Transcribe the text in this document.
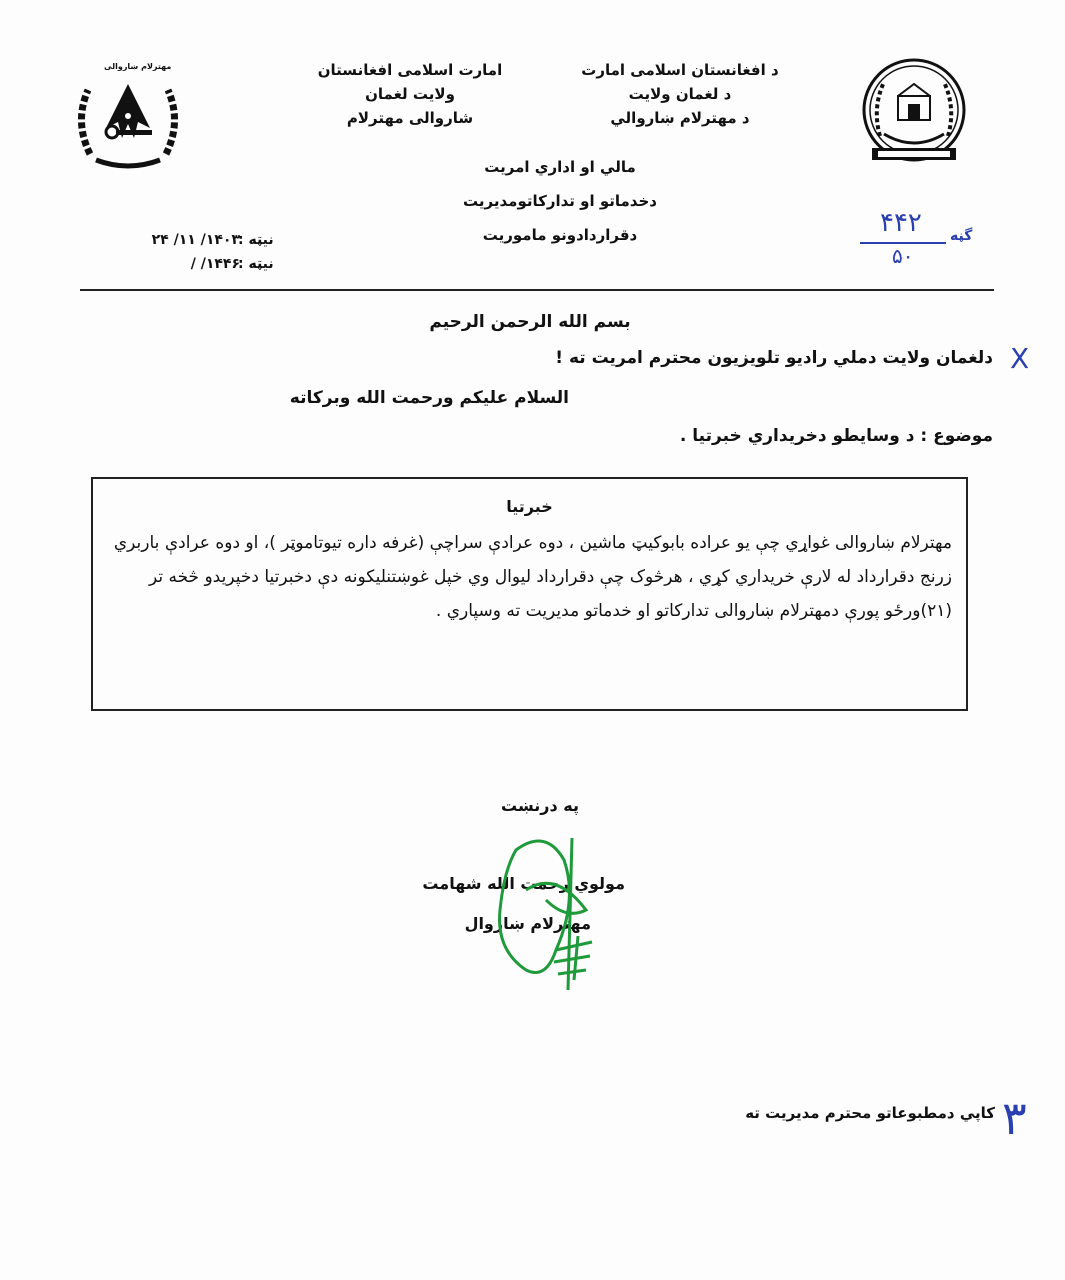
مهترلام ښاروالی	امارت اسلامی افغانستان
ولایت لغمان
شاروالی مهترلام
د افغانستان اسلامی امارت
د لغمان ولایت
د مهترلام ښاروالي
مالي او اداري امریت
دخدماتو او تدارکاتومدیریت
دقراردادونو ماموریت	۴۴۲
۵۰
گڼه
نیټه :
۱۴۰۳/ ۱۱/ ۲۴
نیټه :
۱۴۴۶/ /
بسم الله الرحمن الرحیم
دلغمان ولایت دملي رادیو تلویزیون محترم امریت ته ! X
السلام علیکم ورحمت الله وبرکاته
موضوع : د وسایطو دخریداري خبرتیا .
خبرتیا
مهترلام ښاروالی غواړي چې یو عراده بابوکیټ ماشین ، دوه عرادې سراچې (غرفه داره تیوتاموټر )، او دوه عرادې باربري
زرنج دقرارداد له لارې خریداري کړي ، هرڅوک چې دقرارداد لیوال وي خپل غوښتنلیکونه دې دخبرتیا دخپریدو څخه تر
(۲۱)ورځو پورې دمهترلام ښاروالی تدارکاتو او خدماتو مدیریت ته وسپاري .
په درنښت
مولوي رحمت الله شهامت
مهترلام ښاروال
۳
کاپي دمطبوعاتو محترم مدیریت ته
